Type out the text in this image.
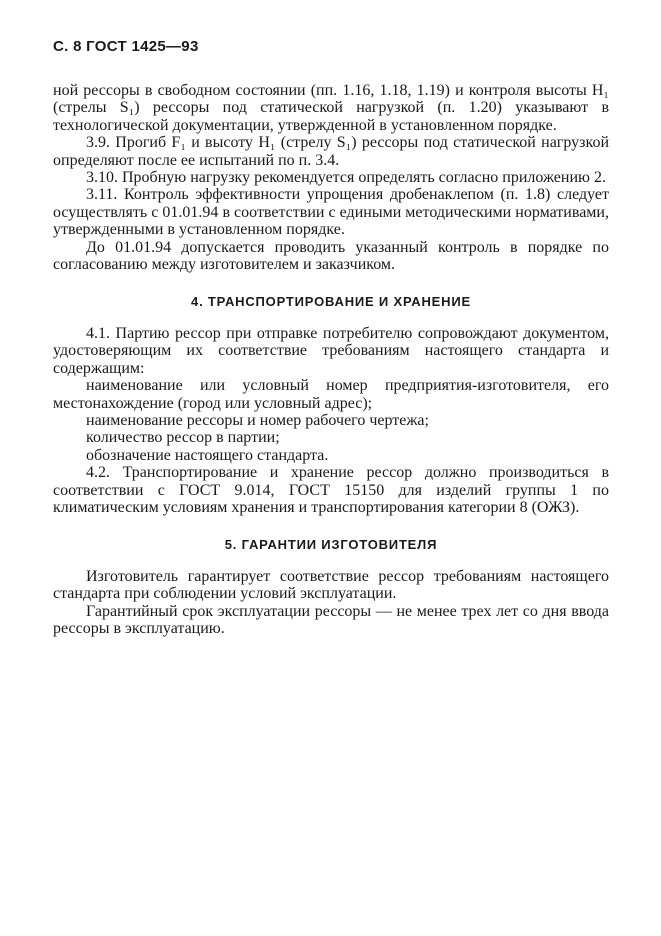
С. 8 ГОСТ 1425—93

ной рессоры в свободном состоянии (пп. 1.16, 1.18, 1.19) и контроля высоты H₁ (стрелы S₁) рессоры под статической нагрузкой (п. 1.20) указывают в технологической документации, утвержденной в установленном порядке.

3.9. Прогиб F₁ и высоту H₁ (стрелу S₁) рессоры под статической нагрузкой определяют после ее испытаний по п. 3.4.

3.10. Пробную нагрузку рекомендуется определять согласно приложению 2.

3.11. Контроль эффективности упрощения дробенаклепом (п. 1.8) следует осуществлять с 01.01.94 в соответствии с едиными методическими нормативами, утвержденными в установленном порядке.

До 01.01.94 допускается проводить указанный контроль в порядке по согласованию между изготовителем и заказчиком.

4. ТРАНСПОРТИРОВАНИЕ И ХРАНЕНИЕ

4.1. Партию рессор при отправке потребителю сопровождают документом, удостоверяющим их соответствие требованиям настоящего стандарта и содержащим:

наименование или условный номер предприятия-изготовителя, его местонахождение (город или условный адрес);

наименование рессоры и номер рабочего чертежа;

количество рессор в партии;

обозначение настоящего стандарта.

4.2. Транспортирование и хранение рессор должно производиться в соответствии с ГОСТ 9.014, ГОСТ 15150 для изделий группы 1 по климатическим условиям хранения и транспортирования категории 8 (ОЖЗ).

5. ГАРАНТИИ ИЗГОТОВИТЕЛЯ

Изготовитель гарантирует соответствие рессор требованиям настоящего стандарта при соблюдении условий эксплуатации.

Гарантийный срок эксплуатации рессоры — не менее трех лет со дня ввода рессоры в эксплуатацию.
